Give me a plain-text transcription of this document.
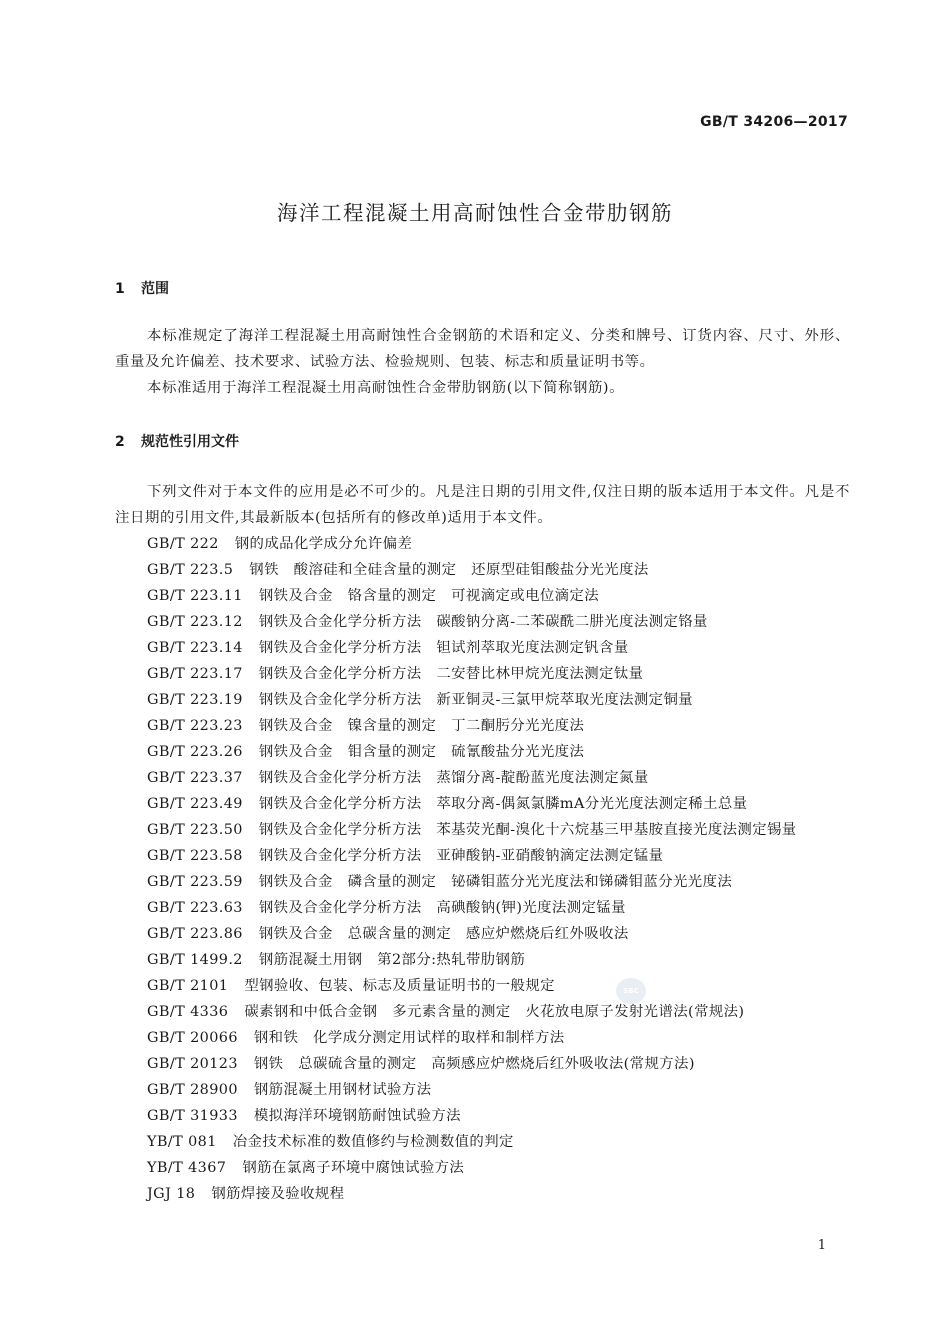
GB/T 34206—2017
海洋工程混凝土用高耐蚀性合金带肋钢筋
1 范围

本标准规定了海洋工程混凝土用高耐蚀性合金钢筋的术语和定义、分类和牌号、订货内容、尺寸、外形、重量及允许偏差、技术要求、试验方法、检验规则、包装、标志和质量证明书等。

本标准适用于海洋工程混凝土用高耐蚀性合金带肋钢筋(以下简称钢筋)。

2 规范性引用文件

下列文件对于本文件的应用是必不可少的。凡是注日期的引用文件,仅注日期的版本适用于本文件。凡是不注日期的引用文件,其最新版本(包括所有的修改单)适用于本文件。

GB/T 222 钢的成品化学成分允许偏差
GB/T 223.5 钢铁　酸溶硅和全硅含量的测定　还原型硅钼酸盐分光光度法
GB/T 223.11 钢铁及合金　铬含量的测定　可视滴定或电位滴定法
GB/T 223.12 钢铁及合金化学分析方法　碳酸钠分离-二苯碳酰二肼光度法测定铬量
GB/T 223.14 钢铁及合金化学分析方法　钽试剂萃取光度法测定钒含量
GB/T 223.17 钢铁及合金化学分析方法　二安替比林甲烷光度法测定钛量
GB/T 223.19 钢铁及合金化学分析方法　新亚铜灵-三氯甲烷萃取光度法测定铜量
GB/T 223.23 钢铁及合金　镍含量的测定　丁二酮肟分光光度法
GB/T 223.26 钢铁及合金　钼含量的测定　硫氰酸盐分光光度法
GB/T 223.37 钢铁及合金化学分析方法　蒸馏分离-靛酚蓝光度法测定氮量
GB/T 223.49 钢铁及合金化学分析方法　萃取分离-偶氮氯膦mA分光光度法测定稀土总量
GB/T 223.50 钢铁及合金化学分析方法　苯基荧光酮-溴化十六烷基三甲基胺直接光度法测定锡量
GB/T 223.58 钢铁及合金化学分析方法　亚砷酸钠-亚硝酸钠滴定法测定锰量
GB/T 223.59 钢铁及合金　磷含量的测定　铋磷钼蓝分光光度法和锑磷钼蓝分光光度法
GB/T 223.63 钢铁及合金化学分析方法　高碘酸钠(钾)光度法测定锰量
GB/T 223.86 钢铁及合金　总碳含量的测定　感应炉燃烧后红外吸收法
GB/T 1499.2 钢筋混凝土用钢　第2部分:热轧带肋钢筋
GB/T 2101 型钢验收、包装、标志及质量证明书的一般规定
GB/T 4336 碳素钢和中低合金钢　多元素含量的测定　火花放电原子发射光谱法(常规法)
GB/T 20066 钢和铁　化学成分测定用试样的取样和制样方法
GB/T 20123 钢铁　总碳硫含量的测定　高频感应炉燃烧后红外吸收法(常规方法)
GB/T 28900 钢筋混凝土用钢材试验方法
GB/T 31933 模拟海洋环境钢筋耐蚀试验方法
YB/T 081 冶金技术标准的数值修约与检测数值的判定
YB/T 4367 钢筋在氯离子环境中腐蚀试验方法
JGJ 18 钢筋焊接及验收规程
SBC
1
